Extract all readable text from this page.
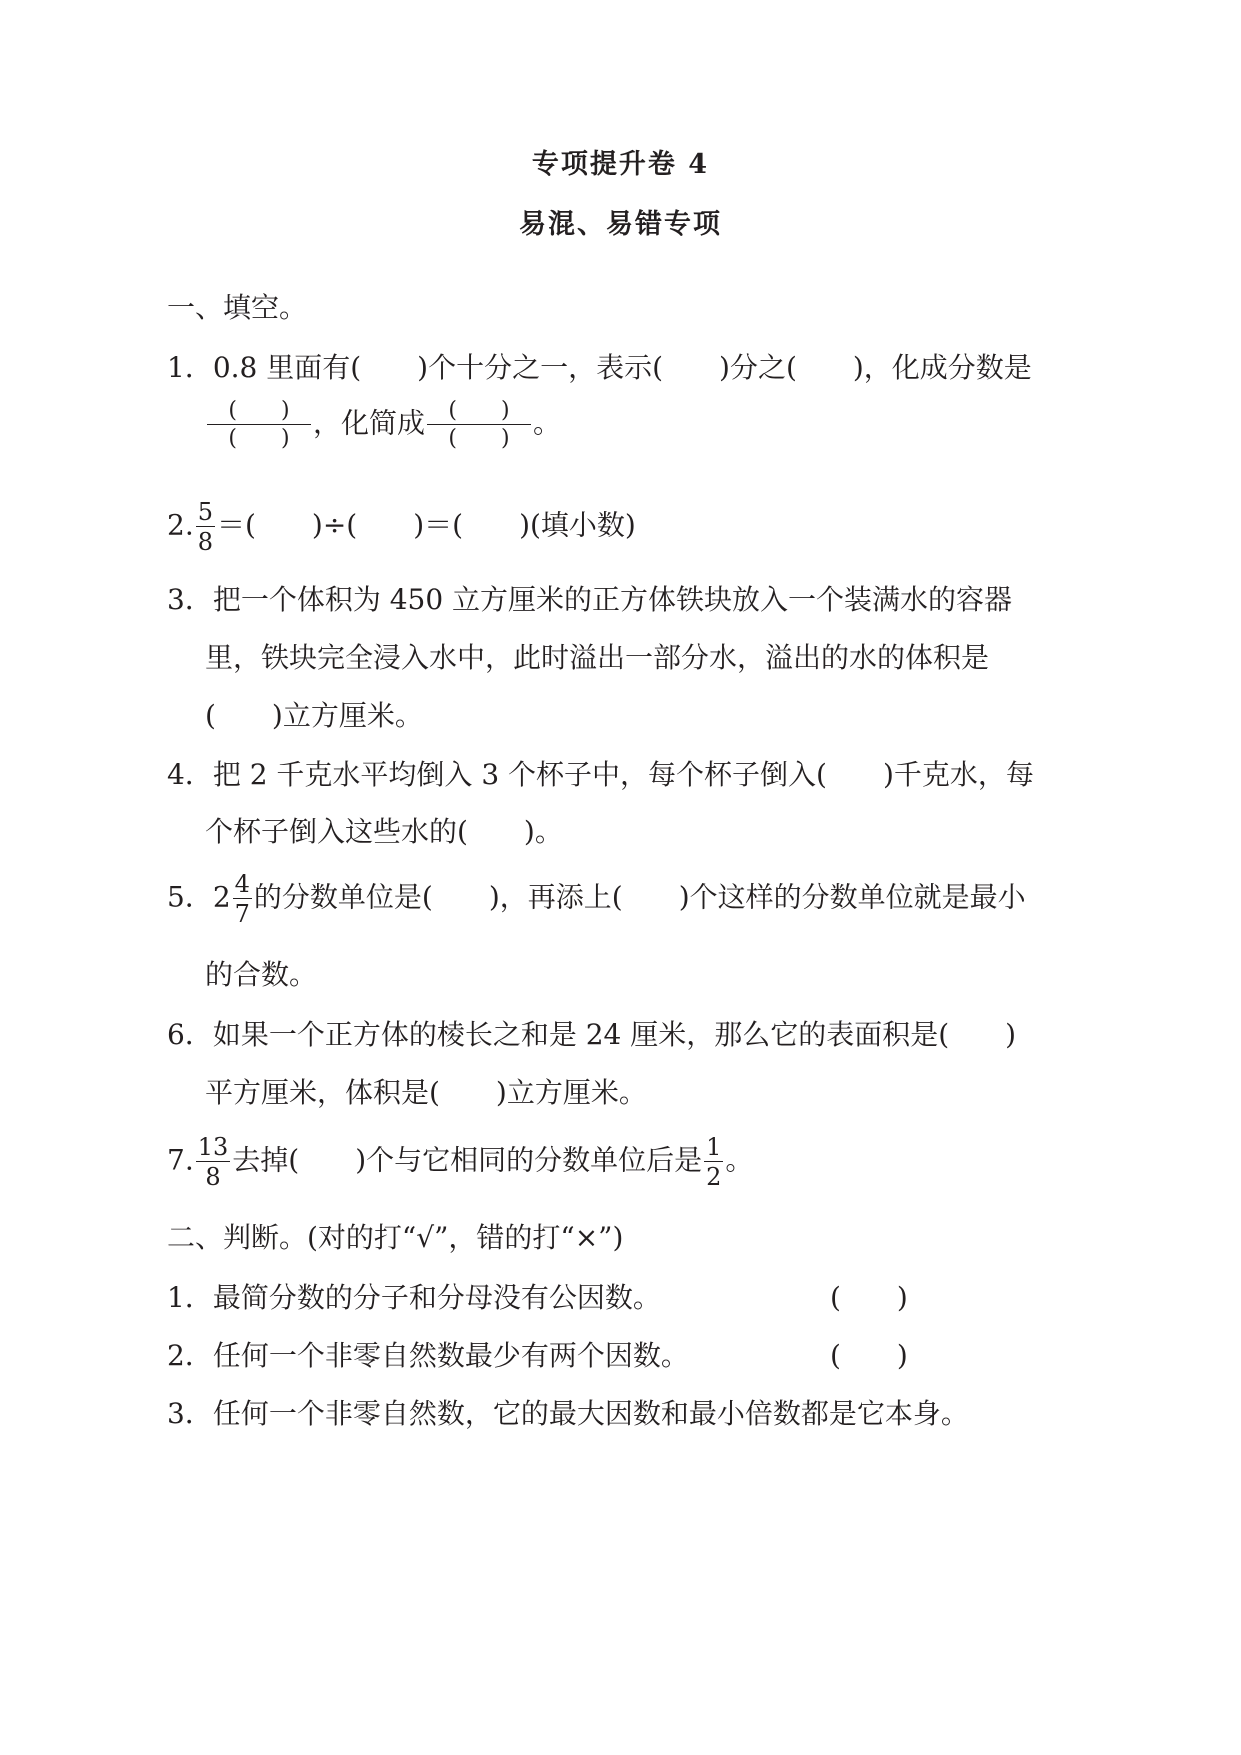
专项提升卷 4
易混、易错专项
一、填空。
1．0.8 里面有(　　)个十分之一，表示(　　)分之(　　)，化成分数是
$\frac{( )}{( )}$ ，化简成 $\frac{( )}{( )}$ 。
2. $\frac{5}{8}$ ＝(　　)÷(　　)＝(　　)(填小数)
3．把一个体积为 450 立方厘米的正方体铁块放入一个装满水的容器
里，铁块完全浸入水中，此时溢出一部分水，溢出的水的体积是
(　　)立方厘米。
4．把 2 千克水平均倒入 3 个杯子中，每个杯子倒入(　　)千克水，每
个杯子倒入这些水的(　　)。
5．$2 \frac{4}{7}$ 的分数单位是(　　)，再添上(　　)个这样的分数单位就是最小
的合数。
6．如果一个正方体的棱长之和是 24 厘米，那么它的表面积是(　　)
平方厘米，体积是(　　)立方厘米。
7. $\frac{13}{8}$ 去掉(　　)个与它相同的分数单位后是 $\frac{1}{2}$ 。
二、判断。(对的打“√”，错的打“×”)
1．最简分数的分子和分母没有公因数。	(　　)
2．任何一个非零自然数最少有两个因数。	(　　)
3．任何一个非零自然数，它的最大因数和最小倍数都是它本身。
